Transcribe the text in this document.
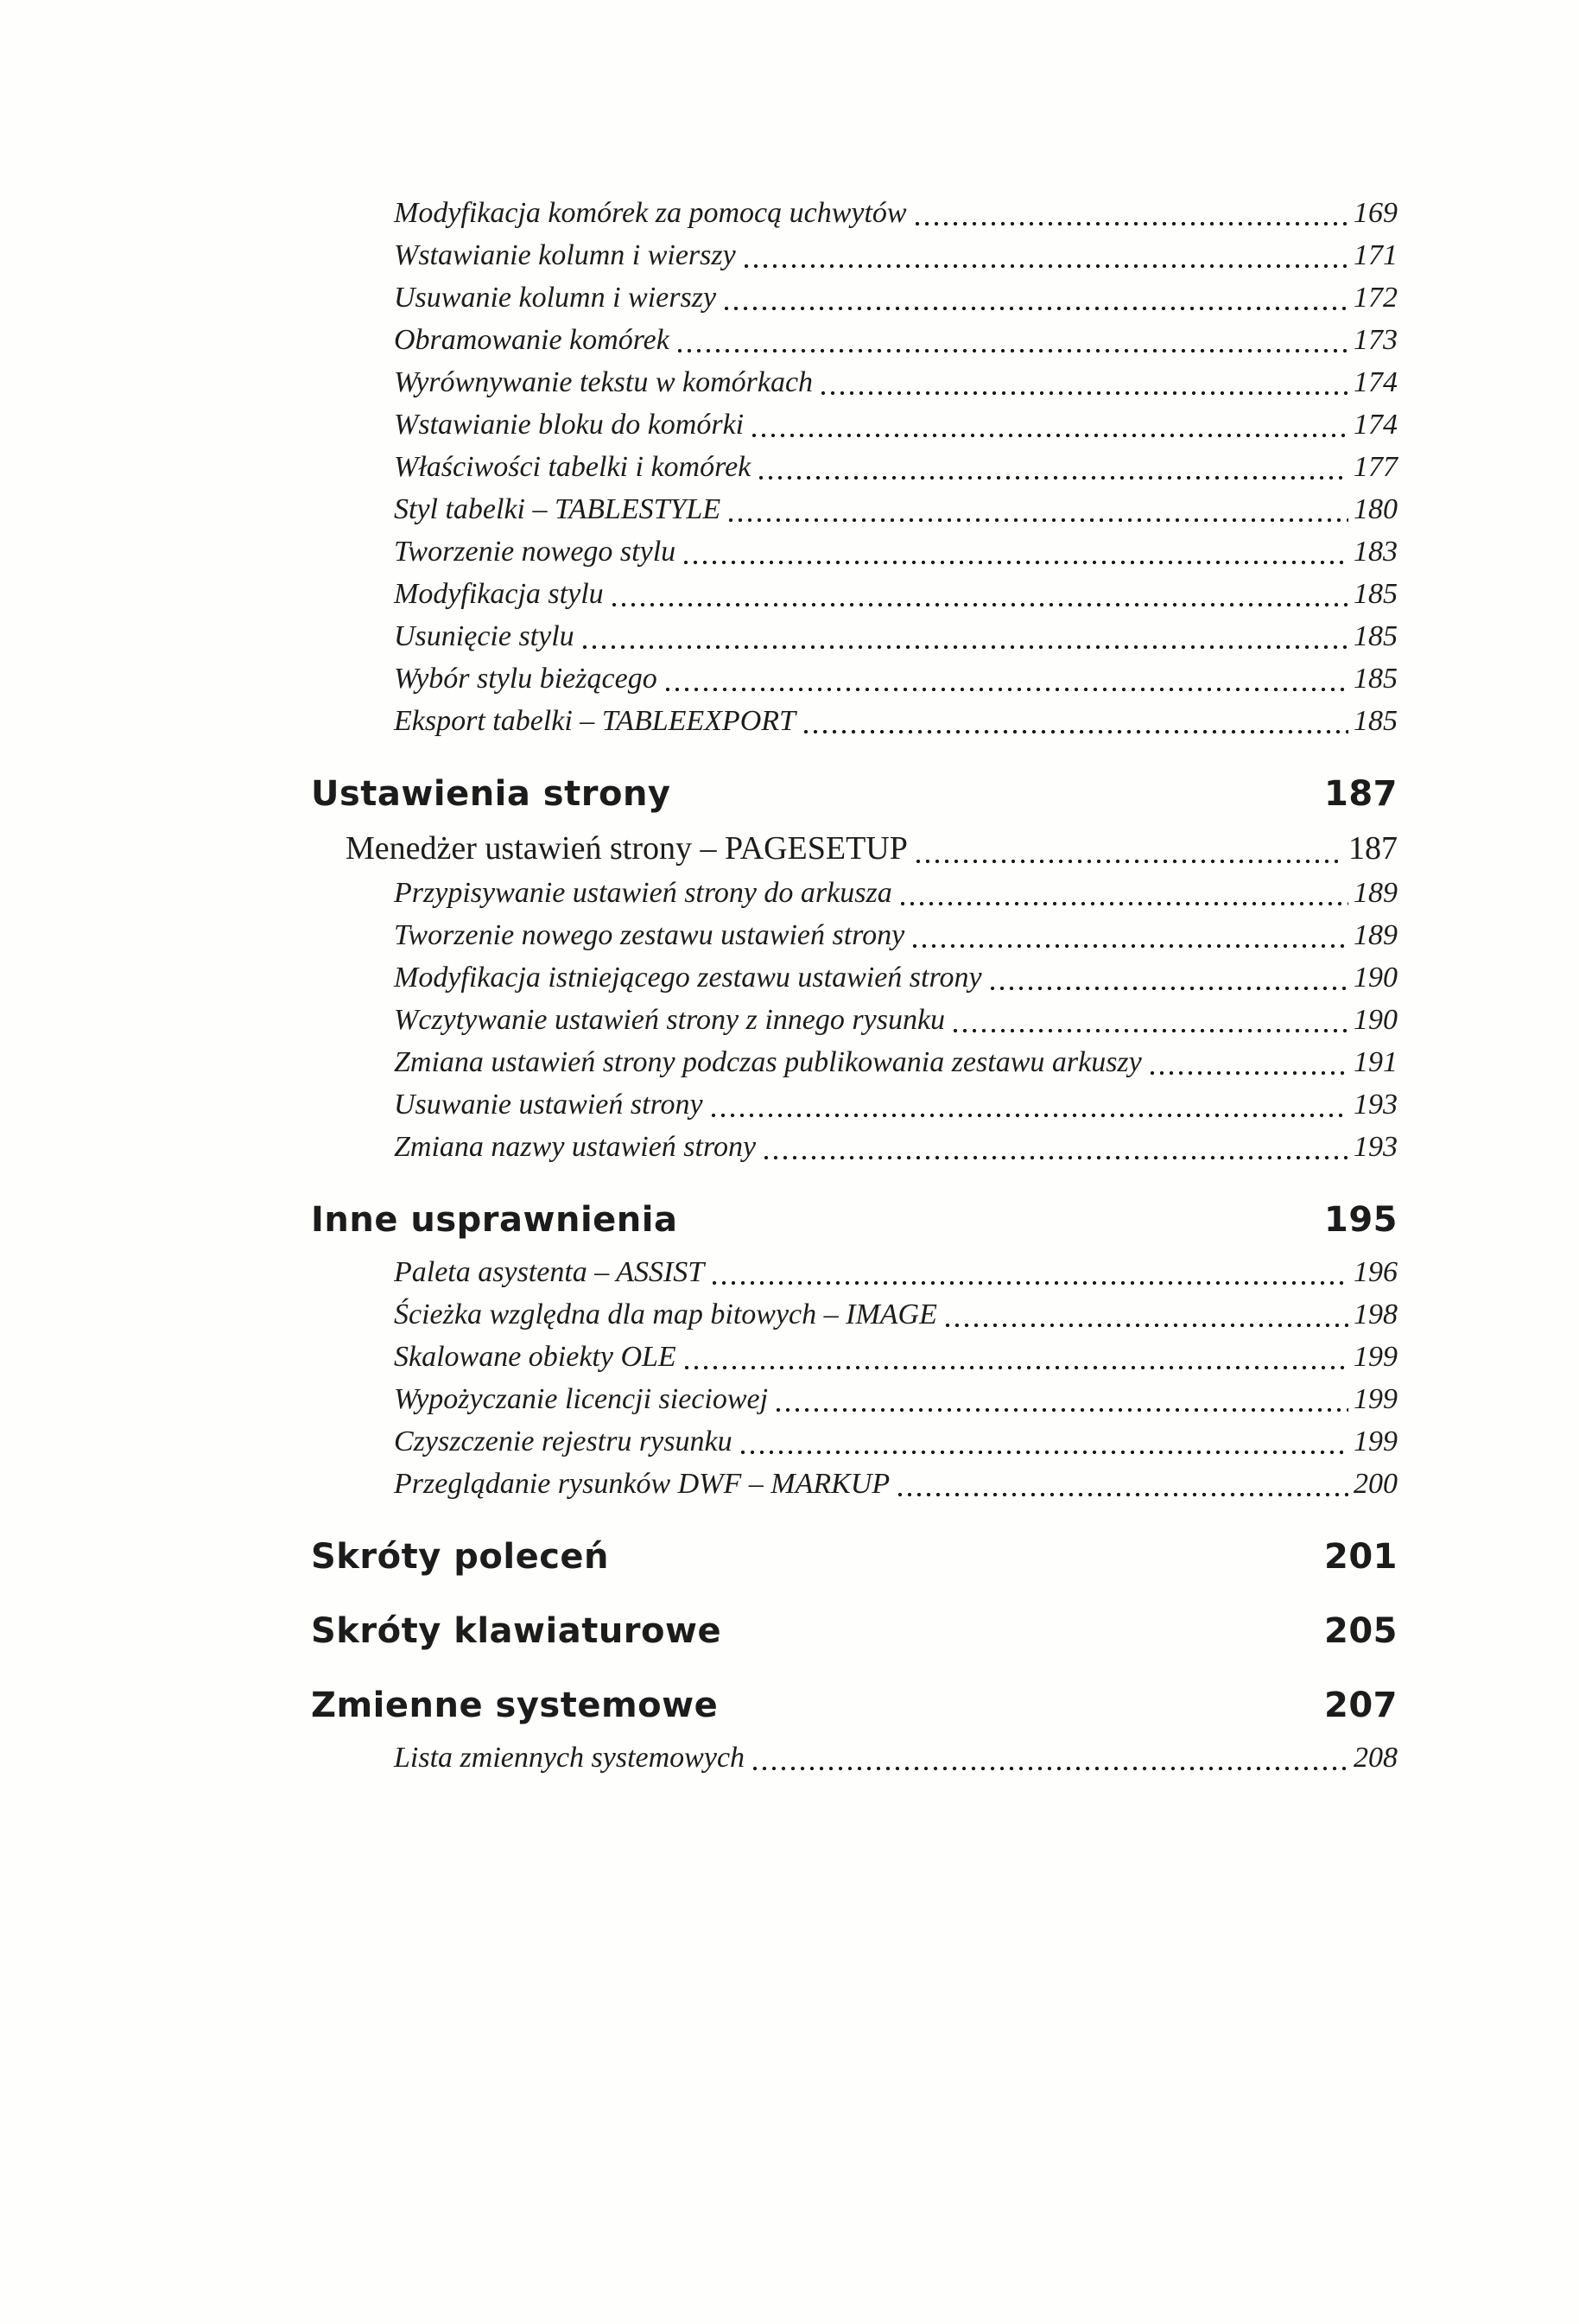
Modyfikacja komórek za pomocą uchwytów	169
Wstawianie kolumn i wierszy	171
Usuwanie kolumn i wierszy	172
Obramowanie komórek	173
Wyrównywanie tekstu w komórkach	174
Wstawianie bloku do komórki	174
Właściwości tabelki i komórek	177
Styl tabelki – TABLESTYLE	180
Tworzenie nowego stylu	183
Modyfikacja stylu	185
Usunięcie stylu	185
Wybór stylu bieżącego	185
Eksport tabelki – TABLEEXPORT	185
Ustawienia strony	187
Menedżer ustawień strony – PAGESETUP	187
Przypisywanie ustawień strony do arkusza	189
Tworzenie nowego zestawu ustawień strony	189
Modyfikacja istniejącego zestawu ustawień strony	190
Wczytywanie ustawień strony z innego rysunku	190
Zmiana ustawień strony podczas publikowania zestawu arkuszy	191
Usuwanie ustawień strony	193
Zmiana nazwy ustawień strony	193
Inne usprawnienia	195
Paleta asystenta – ASSIST	196
Ścieżka względna dla map bitowych – IMAGE	198
Skalowane obiekty OLE	199
Wypożyczanie licencji sieciowej	199
Czyszczenie rejestru rysunku	199
Przeglądanie rysunków DWF – MARKUP	200
Skróty poleceń	201
Skróty klawiaturowe	205
Zmienne systemowe	207
Lista zmiennych systemowych	208
